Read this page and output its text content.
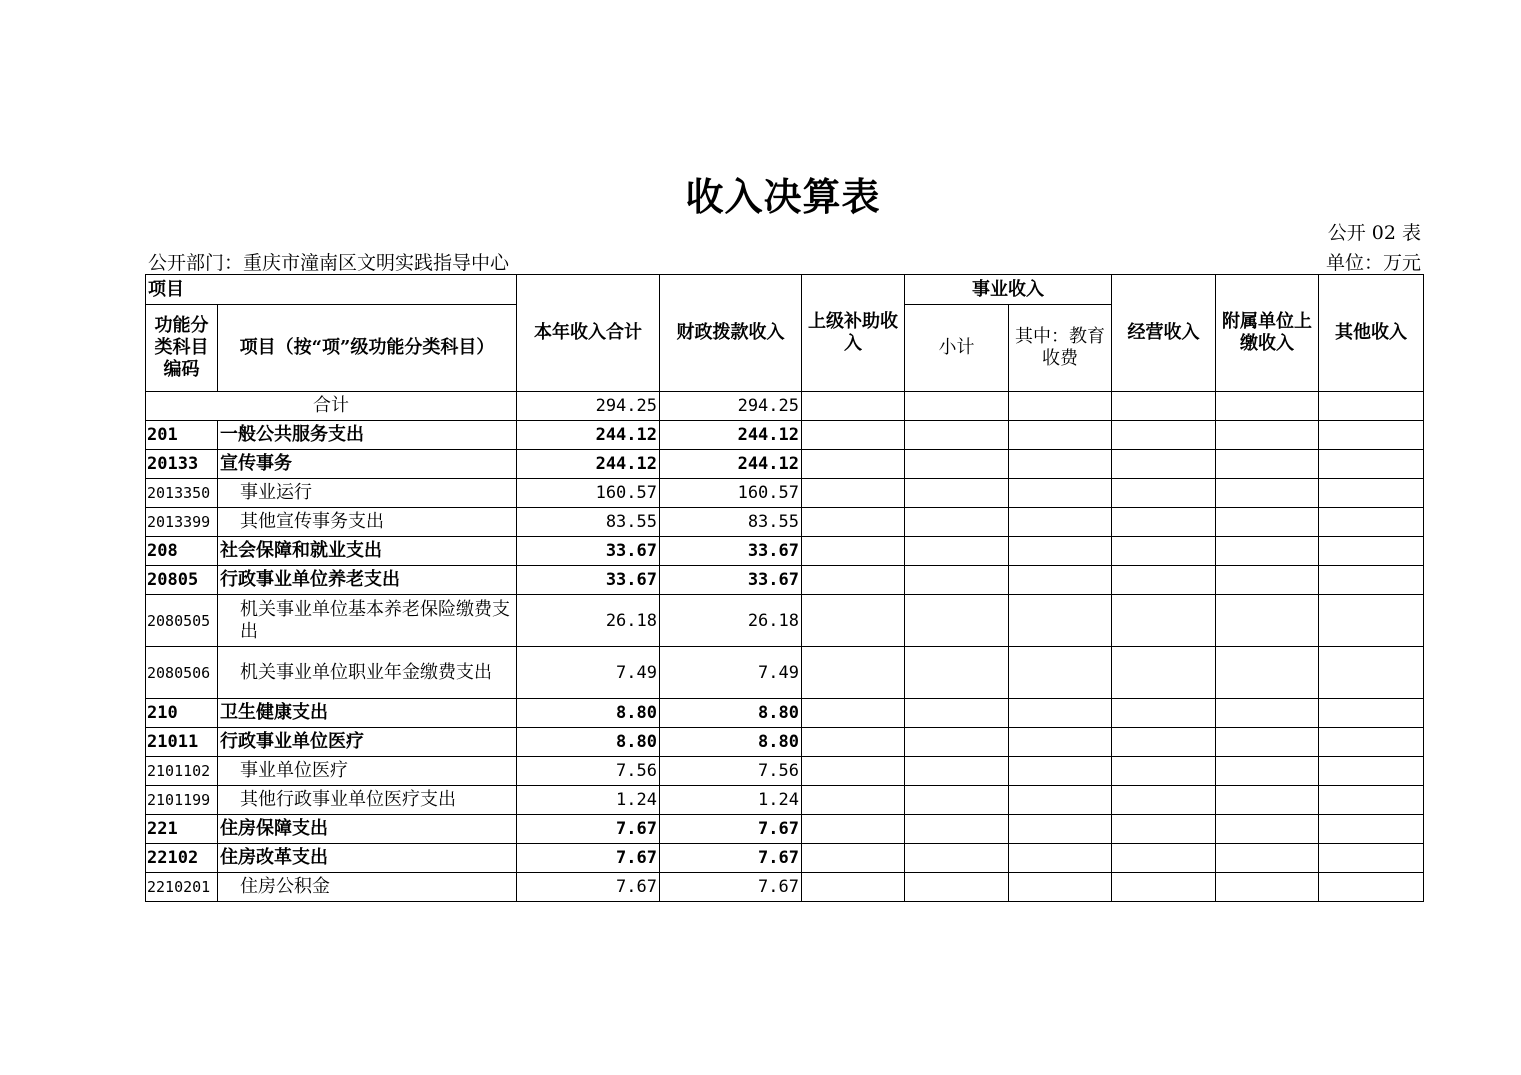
收入决算表
公开 02 表
公开部门：重庆市潼南区文明实践指导中心	单位：万元
项目		本年收入合计	财政拨款收入	上级补助收入	事业收入		经营收入	附属单位上缴收入	其他收入
功能分类科目编码	项目（按“项”级功能分类科目）				小计	其中：教育收费			
合计		294.25	294.25						
201	一般公共服务支出	244.12	244.12						
20133	宣传事务	244.12	244.12						
2013350	事业运行	160.57	160.57						
2013399	其他宣传事务支出	83.55	83.55						
208	社会保障和就业支出	33.67	33.67						
20805	行政事业单位养老支出	33.67	33.67						
2080505	机关事业单位基本养老保险缴费支出	26.18	26.18						
2080506	机关事业单位职业年金缴费支出	7.49	7.49						
210	卫生健康支出	8.80	8.80						
21011	行政事业单位医疗	8.80	8.80						
2101102	事业单位医疗	7.56	7.56						
2101199	其他行政事业单位医疗支出	1.24	1.24						
221	住房保障支出	7.67	7.67						
22102	住房改革支出	7.67	7.67						
2210201	住房公积金	7.67	7.67						
